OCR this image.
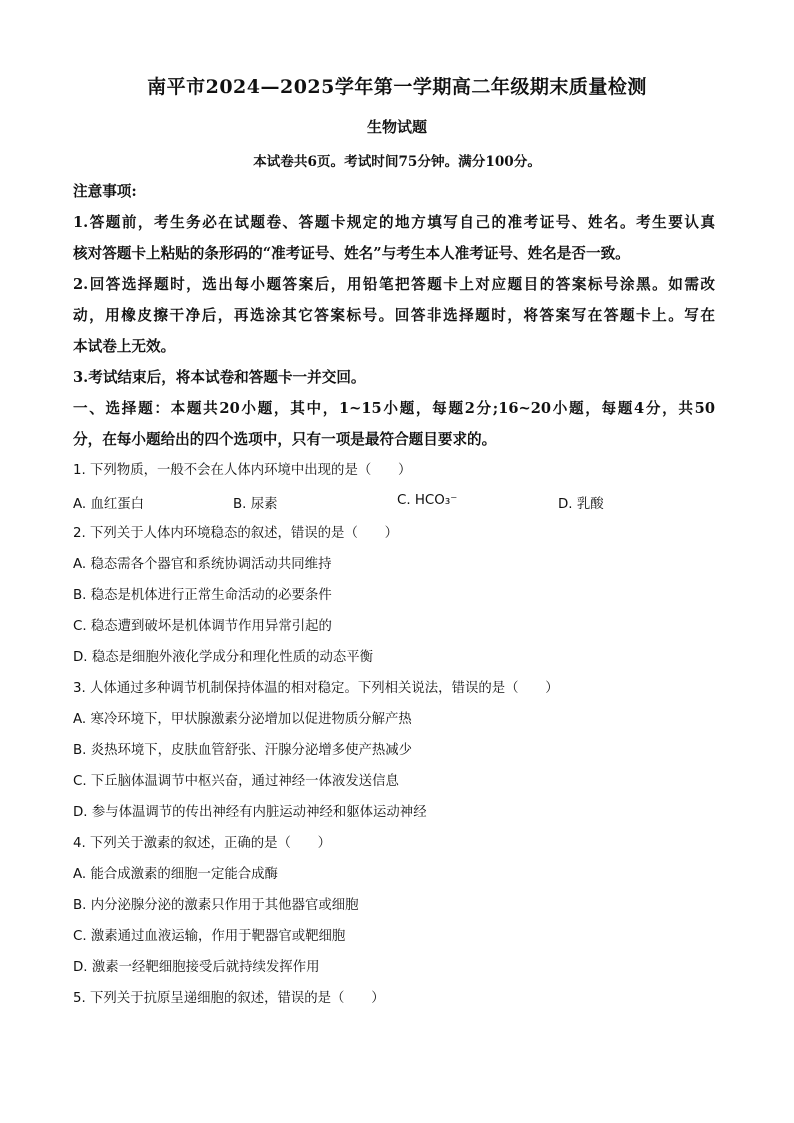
南平市2024—2025学年第一学期高二年级期末质量检测
生物试题
本试卷共6页。考试时间75分钟。满分100分。
注意事项:
1.答题前，考生务必在试题卷、答题卡规定的地方填写自己的准考证号、姓名。考生要认真
核对答题卡上粘贴的条形码的“准考证号、姓名”与考生本人准考证号、姓名是否一致。
2.回答选择题时，选出每小题答案后，用铅笔把答题卡上对应题目的答案标号涂黑。如需改
动，用橡皮擦干净后，再选涂其它答案标号。回答非选择题时，将答案写在答题卡上。写在
本试卷上无效。
3.考试结束后，将本试卷和答题卡一并交回。
一、选择题：本题共20小题，其中，1~15小题，每题2分;16~20小题，每题4分，共50
分，在每小题给出的四个选项中，只有一项是最符合题目要求的。
1. 下列物质，一般不会在人体内环境中出现的是（　　）
A. 血红蛋白	B. 尿素	C. HCO₃⁻	D. 乳酸
2. 下列关于人体内环境稳态的叙述，错误的是（　　）
A. 稳态需各个器官和系统协调活动共同维持
B. 稳态是机体进行正常生命活动的必要条件
C. 稳态遭到破坏是机体调节作用异常引起的
D. 稳态是细胞外液化学成分和理化性质的动态平衡
3. 人体通过多种调节机制保持体温的相对稳定。下列相关说法，错误的是（　　）
A. 寒冷环境下，甲状腺激素分泌增加以促进物质分解产热
B. 炎热环境下，皮肤血管舒张、汗腺分泌增多使产热减少
C. 下丘脑体温调节中枢兴奋，通过神经一体液发送信息
D. 参与体温调节的传出神经有内脏运动神经和躯体运动神经
4. 下列关于激素的叙述，正确的是（　　）
A. 能合成激素的细胞一定能合成酶
B. 内分泌腺分泌的激素只作用于其他器官或细胞
C. 激素通过血液运输，作用于靶器官或靶细胞
D. 激素一经靶细胞接受后就持续发挥作用
5. 下列关于抗原呈递细胞的叙述，错误的是（　　）
